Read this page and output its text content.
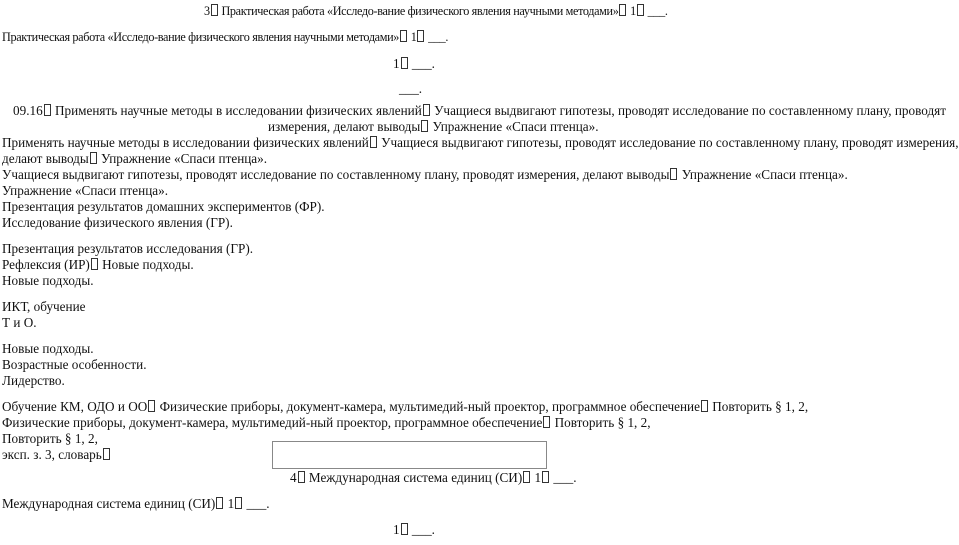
3 Практическая работа «Исследо-вание физического явления научными методами» 1 ___.
Практическая работа «Исследо-вание физического явления научными методами» 1 ___.
1 ___.
___.
09.16 Применять научные методы в исследовании физических явлений Учащиеся выдвигают гипотезы, проводят исследование по составленному плану, проводят
измерения, делают выводы Упражнение «Спаси птенца».
Применять научные методы в исследовании физических явлений Учащиеся выдвигают гипотезы, проводят исследование по составленному плану, проводят измерения,
делают выводы Упражнение «Спаси птенца».
Учащиеся выдвигают гипотезы, проводят исследование по составленному плану, проводят измерения, делают выводы Упражнение «Спаси птенца».
Упражнение «Спаси птенца».
Презентация результатов домашних экспериментов (ФР).
Исследование физического явления (ГР).
Презентация результатов исследования (ГР).
Рефлексия (ИР) Новые подходы.
Новые подходы.
ИКТ, обучение
Т и О.
Новые подходы.
Возрастные особенности.
Лидерство.
Обучение КМ, ОДО и ОО Физические приборы, документ-камера, мультимедий-ный проектор, программное обеспечение Повторить § 1, 2,
Физические приборы, документ-камера, мультимедий-ный проектор, программное обеспечение Повторить § 1, 2,
Повторить § 1, 2,
эксп. з. 3, словарь
4 Международная система единиц (СИ) 1 ___.
Международная система единиц (СИ) 1 ___.
1 ___.
